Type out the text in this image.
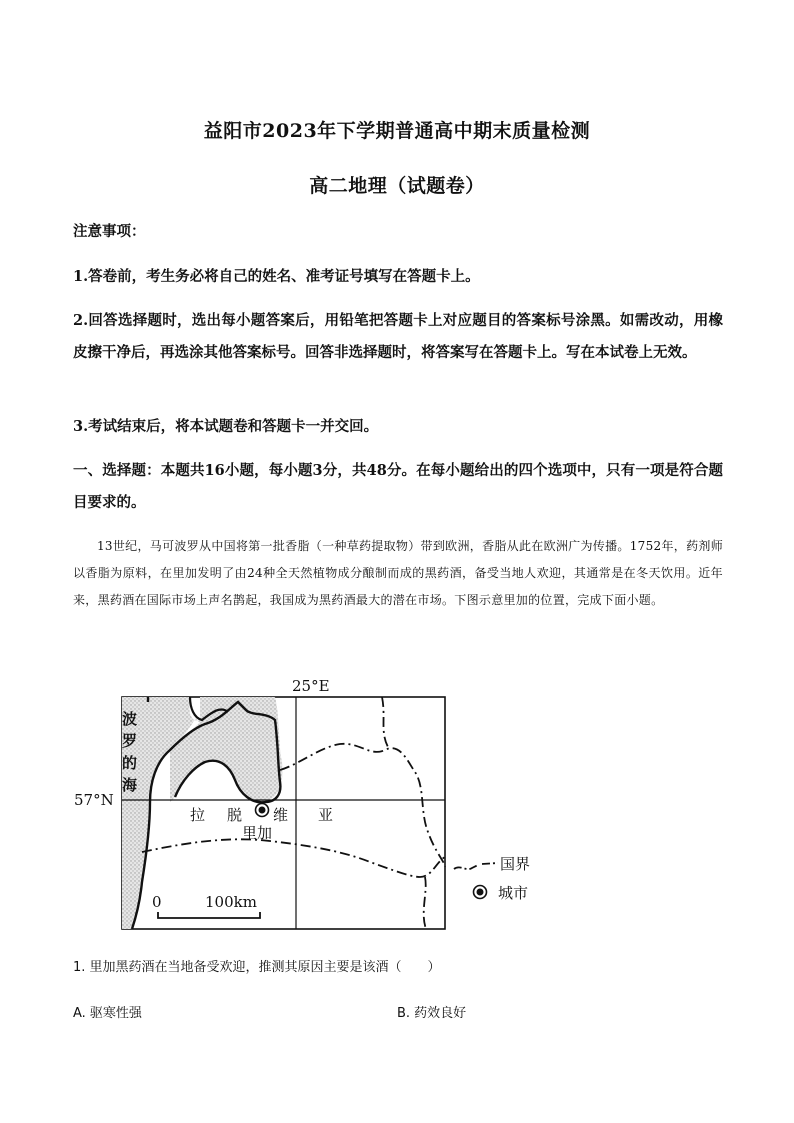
益阳市2023年下学期普通高中期末质量检测
高二地理（试题卷）
注意事项：
1.答卷前，考生务必将自己的姓名、准考证号填写在答题卡上。
2.回答选择题时，选出每小题答案后，用铅笔把答题卡上对应题目的答案标号涂黑。如需改动，用橡皮擦干净后，再选涂其他答案标号。回答非选择题时，将答案写在答题卡上。写在本试卷上无效。
3.考试结束后，将本试题卷和答题卡一并交回。
一、选择题：本题共16小题，每小题3分，共48分。在每小题给出的四个选项中，只有一项是符合题目要求的。
13世纪，马可波罗从中国将第一批香脂（一种草药提取物）带到欧洲，香脂从此在欧洲广为传播。1752年，药剂师以香脂为原料，在里加发明了由24种全天然植物成分酿制而成的黑药酒，备受当地人欢迎，其通常是在冬天饮用。近年来，黑药酒在国际市场上声名鹊起，我国成为黑药酒最大的潜在市场。下图示意里加的位置，完成下面小题。
25°E
57°N
波
罗
的
海
拉 脱 维 亚
里加
0	100km
国界
城市
1. 里加黑药酒在当地备受欢迎，推测其原因主要是该酒（　　）
A. 驱寒性强	B. 药效良好
